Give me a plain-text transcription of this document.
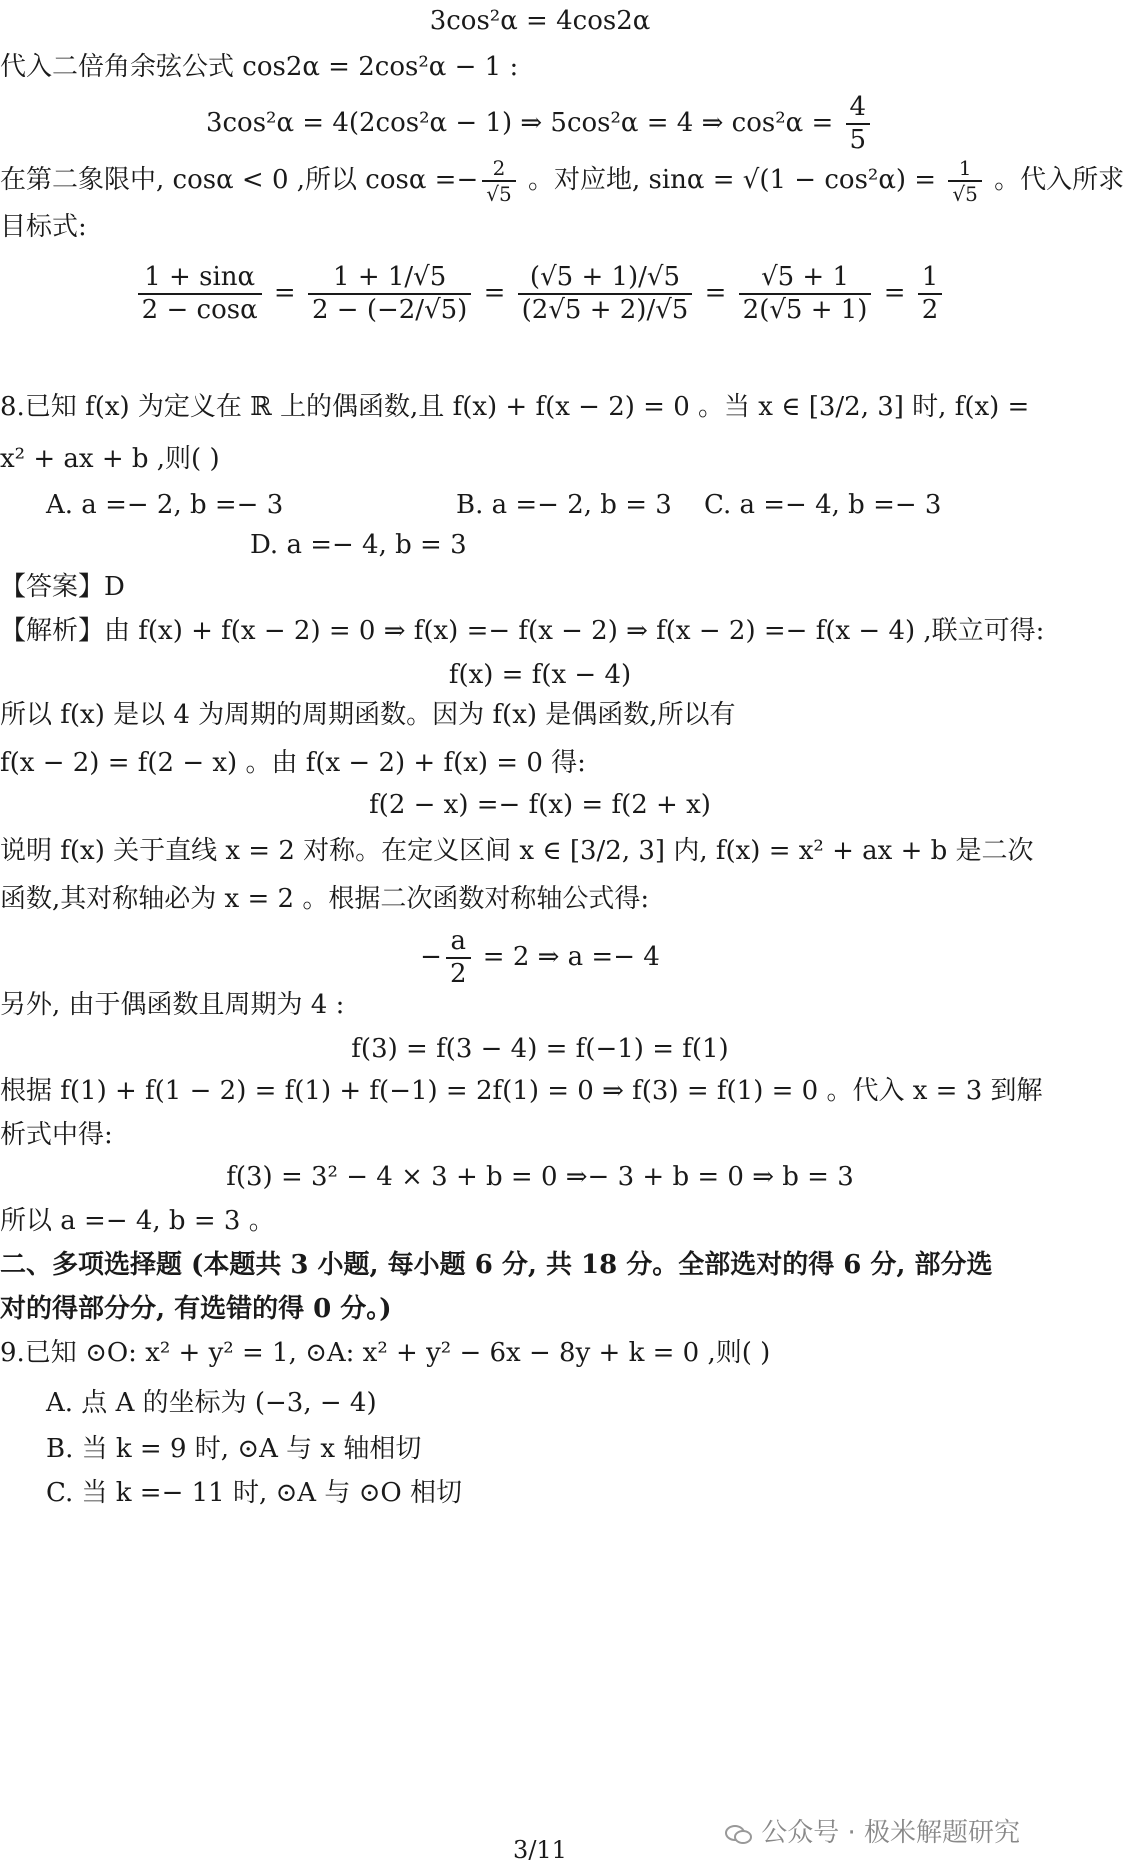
3cos²α = 4cos2α
代入二倍角余弦公式 cos2α = 2cos²α − 1 :
3cos²α = 4(2cos²α − 1) ⇒ 5cos²α = 4 ⇒ $\cos^2\alpha = \frac{4}{5}$
在第二象限中, cosα < 0 ,所以 $\cos\alpha =- \frac{2}{√5}$ 。对应地, $\sin\alpha = √(1 - \cos^2\alpha) = \frac{1}{√5}$ 。代入所求
目标式:
$\frac{1 + \sin\alpha}{2 - \cos\alpha} = \frac{1 + 1/√5}{2 - (-2/√5)} = \frac{(√5 + 1)/√5}{(2√5 + 2)/√5} = \frac{√5 + 1}{2(√5 + 1)} = \frac{1}{2}$
8.已知 f(x) 为定义在 ℝ 上的偶函数,且 f(x) + f(x − 2) = 0 。当 x ∈ [3/2, 3] 时, f(x) =
x² + ax + b ,则( )
A. a =− 2, b =− 3	B. a =− 2, b = 3 C. a =− 4, b =− 3
D. a =− 4, b = 3
【答案】D
【解析】由 f(x) + f(x − 2) = 0 ⇒ f(x) =− f(x − 2) ⇒ f(x − 2) =− f(x − 4) ,联立可得:
f(x) = f(x − 4)
所以 f(x) 是以 4 为周期的周期函数。因为 f(x) 是偶函数,所以有
f(x − 2) = f(2 − x) 。由 f(x − 2) + f(x) = 0 得:
f(2 − x) =− f(x) = f(2 + x)
说明 f(x) 关于直线 x = 2 对称。在定义区间 x ∈ [3/2, 3] 内, f(x) = x² + ax + b 是二次
函数,其对称轴必为 x = 2 。根据二次函数对称轴公式得:
− $\frac{a}{2} = 2$ ⇒ a =− 4
另外, 由于偶函数且周期为 4 :
f(3) = f(3 − 4) = f(−1) = f(1)
根据 f(1) + f(1 − 2) = f(1) + f(−1) = 2f(1) = 0 ⇒ f(3) = f(1) = 0 。代入 x = 3 到解
析式中得:
f(3) = 3² − 4 × 3 + b = 0 ⇒− 3 + b = 0 ⇒ b = 3
所以 a =− 4, b = 3 。
二、多项选择题 (本题共 3 小题, 每小题 6 分, 共 18 分。全部选对的得 6 分, 部分选
对的得部分分, 有选错的得 0 分。)
9.已知 ⊙O: x² + y² = 1, ⊙A: x² + y² − 6x − 8y + k = 0 ,则( )
A. 点 A 的坐标为 (−3, − 4)
B. 当 k = 9 时, ⊙A 与 x 轴相切
C. 当 k =− 11 时, ⊙A 与 ⊙O 相切
公众号 · 极米解题研究
3/11
